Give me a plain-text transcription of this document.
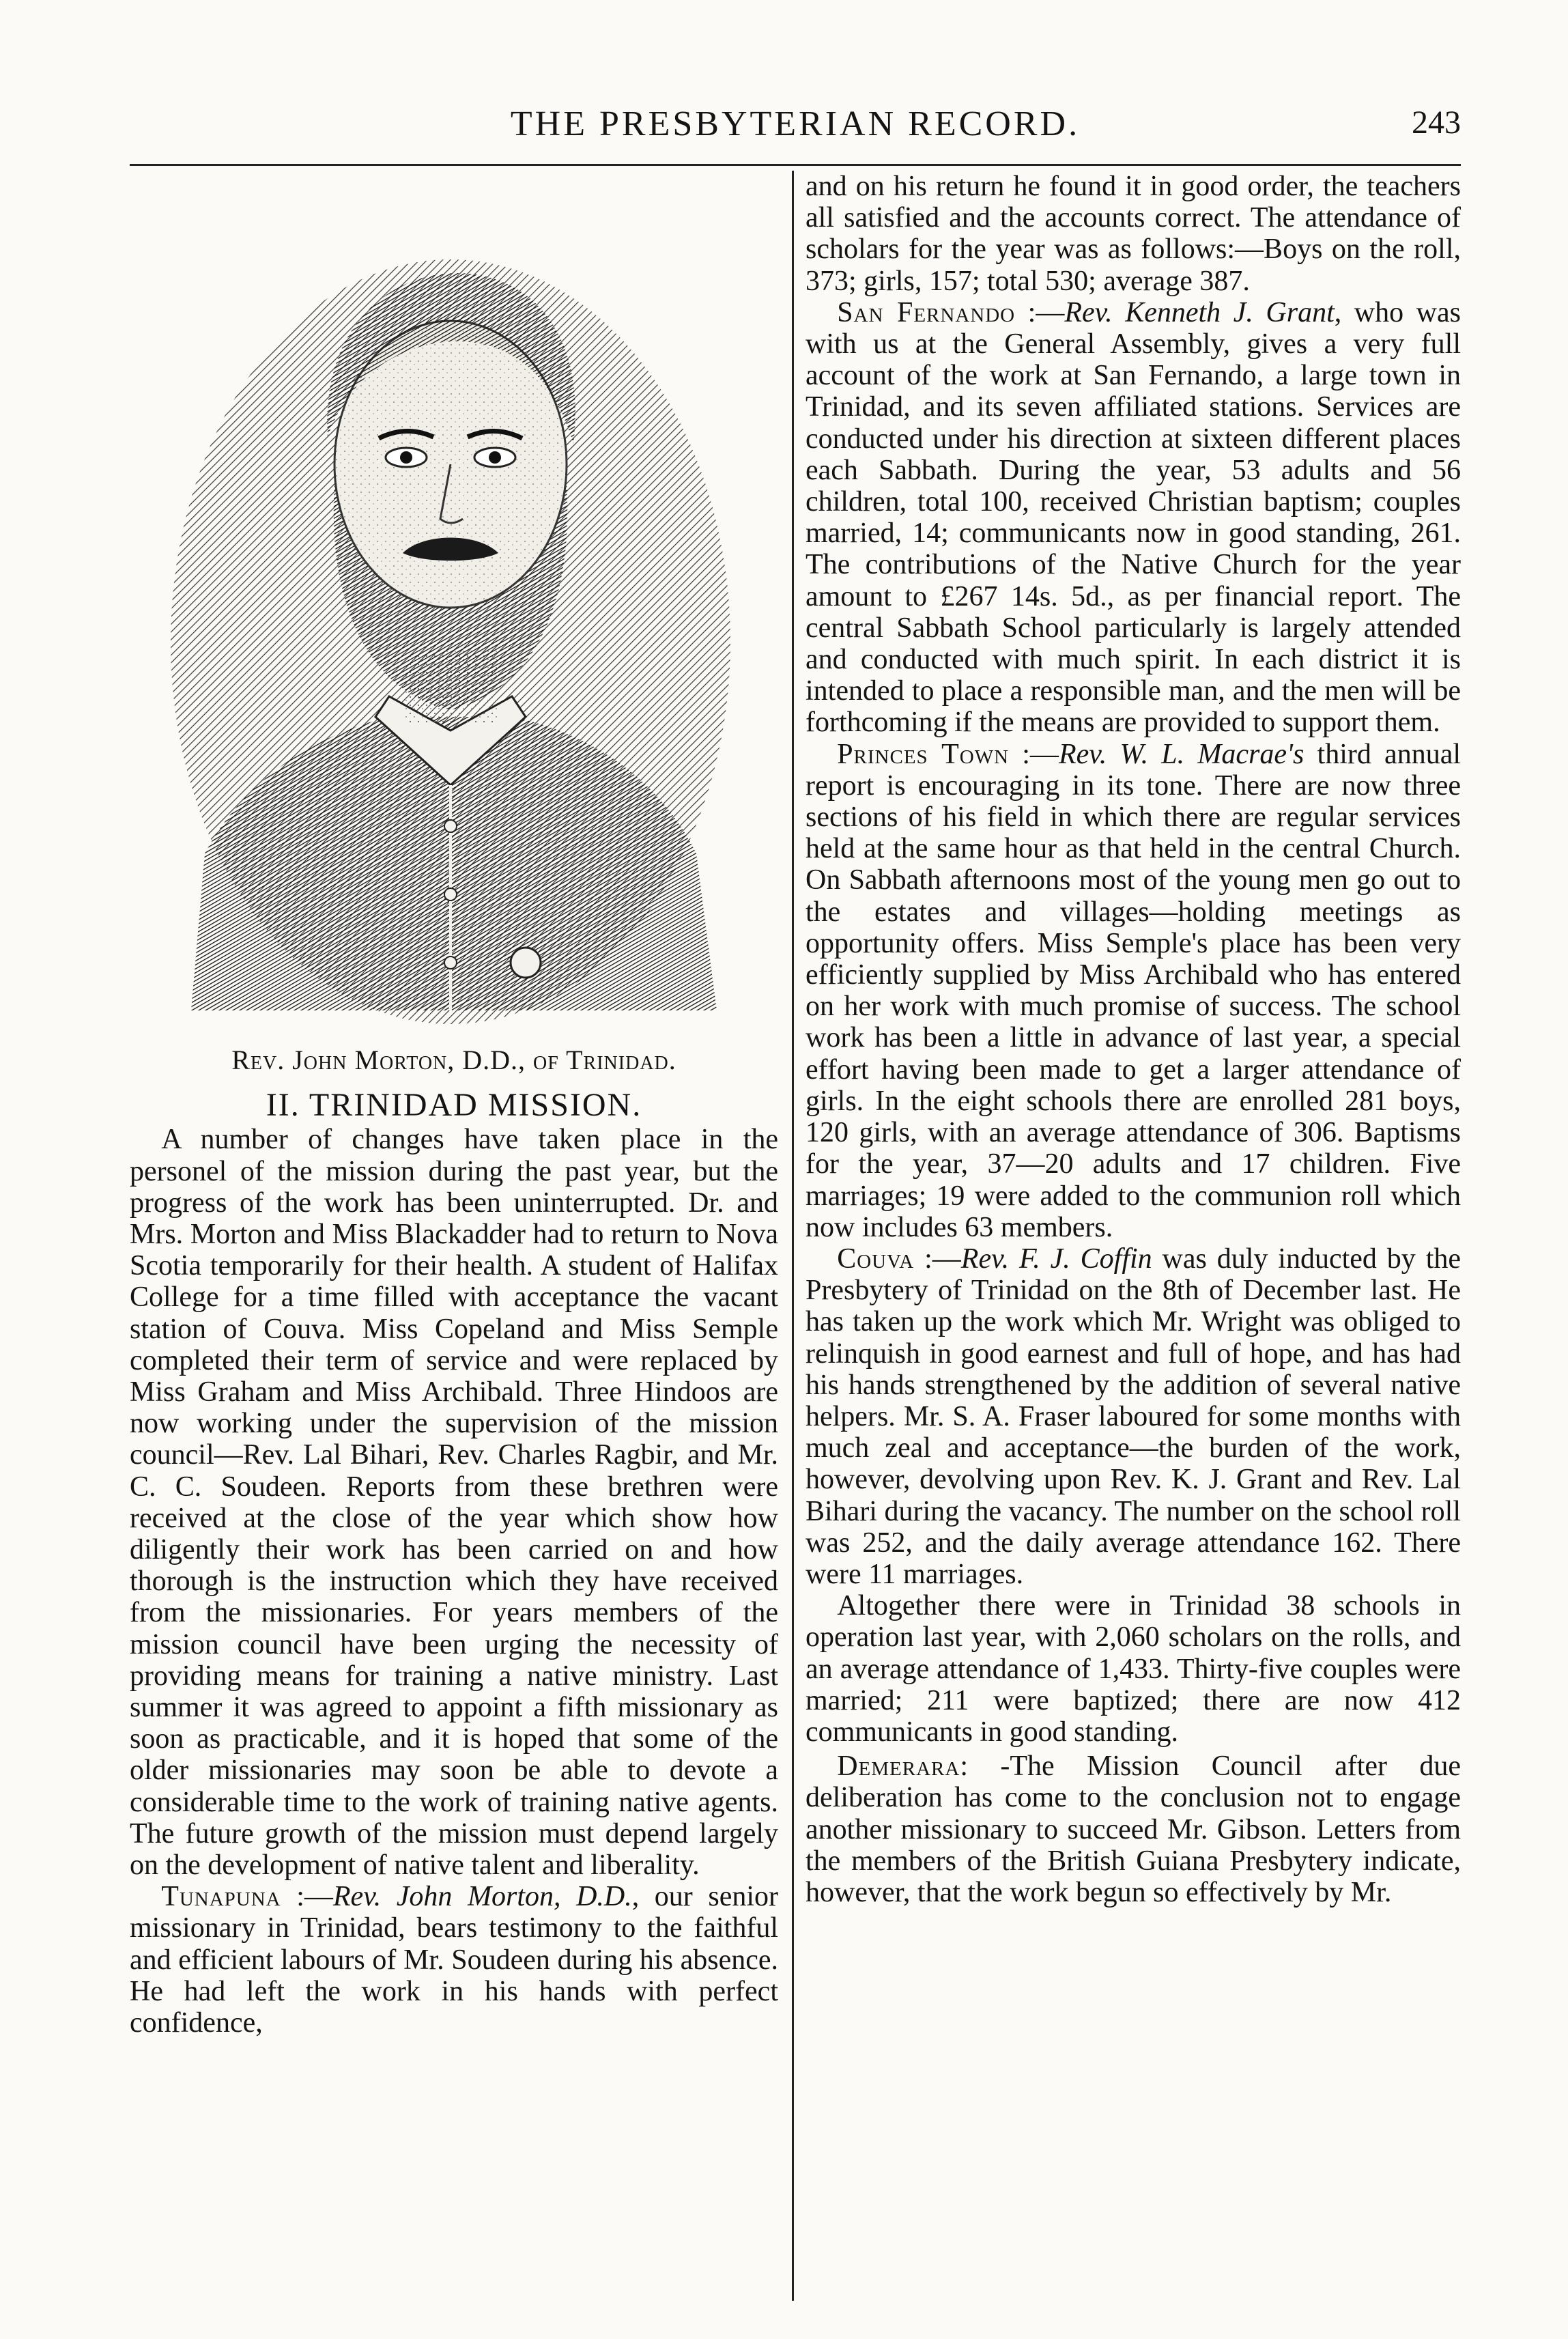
THE PRESBYTERIAN RECORD.	243
Rev. John Morton, D.D., of Trinidad.
II. TRINIDAD MISSION.

A number of changes have taken place in the personel of the mission during the past year, but the progress of the work has been uninterrupted. Dr. and Mrs. Morton and Miss Blackadder had to return to Nova Scotia temporarily for their health. A student of Halifax College for a time filled with acceptance the vacant station of Couva. Miss Copeland and Miss Semple completed their term of service and were replaced by Miss Graham and Miss Archibald. Three Hindoos are now working under the supervision of the mission council—Rev. Lal Bihari, Rev. Charles Ragbir, and Mr. C. C. Soudeen. Reports from these brethren were received at the close of the year which show how diligently their work has been carried on and how thorough is the instruction which they have received from the missionaries. For years members of the mission council have been urging the necessity of providing means for training a native ministry. Last summer it was agreed to appoint a fifth missionary as soon as practicable, and it is hoped that some of the older missionaries may soon be able to devote a considerable time to the work of training native agents. The future growth of the mission must depend largely on the development of native talent and liberality.

Tunapuna :—Rev. John Morton, D.D., our senior missionary in Trinidad, bears testimony to the faithful and efficient labours of Mr. Soudeen during his absence. He had left the work in his hands with perfect confidence,

and on his return he found it in good order, the teachers all satisfied and the accounts correct. The attendance of scholars for the year was as follows:—Boys on the roll, 373; girls, 157; total 530; average 387.

San Fernando :—Rev. Kenneth J. Grant, who was with us at the General Assembly, gives a very full account of the work at San Fernando, a large town in Trinidad, and its seven affiliated stations. Services are conducted under his direction at sixteen different places each Sabbath. During the year, 53 adults and 56 children, total 100, received Christian baptism; couples married, 14; communicants now in good standing, 261. The contributions of the Native Church for the year amount to £267 14s. 5d., as per financial report. The central Sabbath School particularly is largely attended and conducted with much spirit. In each district it is intended to place a responsible man, and the men will be forthcoming if the means are provided to support them.

Princes Town :—Rev. W. L. Macrae's third annual report is encouraging in its tone. There are now three sections of his field in which there are regular services held at the same hour as that held in the central Church. On Sabbath afternoons most of the young men go out to the estates and villages—holding meetings as opportunity offers. Miss Semple's place has been very efficiently supplied by Miss Archibald who has entered on her work with much promise of success. The school work has been a little in advance of last year, a special effort having been made to get a larger attendance of girls. In the eight schools there are enrolled 281 boys, 120 girls, with an average attendance of 306. Baptisms for the year, 37—20 adults and 17 children. Five marriages; 19 were added to the communion roll which now includes 63 members.

Couva :—Rev. F. J. Coffin was duly inducted by the Presbytery of Trinidad on the 8th of December last. He has taken up the work which Mr. Wright was obliged to relinquish in good earnest and full of hope, and has had his hands strengthened by the addition of several native helpers. Mr. S. A. Fraser laboured for some months with much zeal and acceptance—the burden of the work, however, devolving upon Rev. K. J. Grant and Rev. Lal Bihari during the vacancy. The number on the school roll was 252, and the daily average attendance 162. There were 11 marriages.

Altogether there were in Trinidad 38 schools in operation last year, with 2,060 scholars on the rolls, and an average attendance of 1,433. Thirty-five couples were married; 211 were baptized; there are now 412 communicants in good standing.

Demerara: -The Mission Council after due deliberation has come to the conclusion not to engage another missionary to succeed Mr. Gibson. Letters from the members of the British Guiana Presbytery indicate, however, that the work begun so effectively by Mr.
